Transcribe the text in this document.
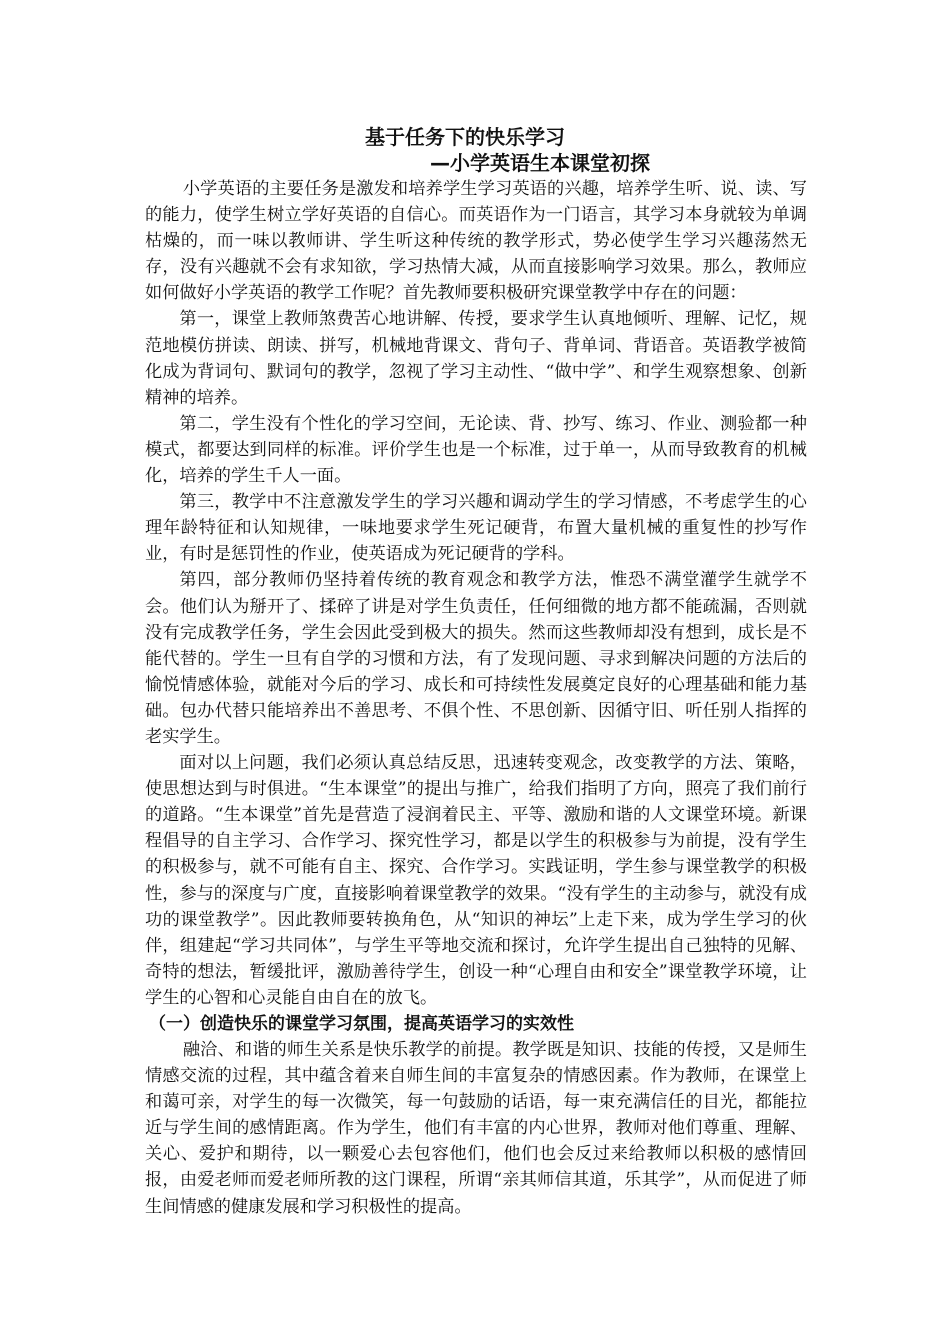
基于任务下的快乐学习
—小学英语生本课堂初探

小学英语的主要任务是激发和培养学生学习英语的兴趣，培养学生听、说、读、写的能力，使学生树立学好英语的自信心。而英语作为一门语言，其学习本身就较为单调枯燥的，而一味以教师讲、学生听这种传统的教学形式，势必使学生学习兴趣荡然无存，没有兴趣就不会有求知欲，学习热情大减，从而直接影响学习效果。那么，教师应如何做好小学英语的教学工作呢？首先教师要积极研究课堂教学中存在的问题：

第一，课堂上教师煞费苦心地讲解、传授，要求学生认真地倾听、理解、记忆，规范地模仿拼读、朗读、拼写，机械地背课文、背句子、背单词、背语音。英语教学被简化成为背词句、默词句的教学，忽视了学习主动性、“做中学”、和学生观察想象、创新精神的培养。

第二，学生没有个性化的学习空间，无论读、背、抄写、练习、作业、测验都一种模式，都要达到同样的标准。评价学生也是一个标准，过于单一，从而导致教育的机械化，培养的学生千人一面。

第三，教学中不注意激发学生的学习兴趣和调动学生的学习情感，不考虑学生的心理年龄特征和认知规律，一味地要求学生死记硬背，布置大量机械的重复性的抄写作业，有时是惩罚性的作业，使英语成为死记硬背的学科。

第四，部分教师仍坚持着传统的教育观念和教学方法，惟恐不满堂灌学生就学不会。他们认为掰开了、揉碎了讲是对学生负责任，任何细微的地方都不能疏漏，否则就没有完成教学任务，学生会因此受到极大的损失。然而这些教师却没有想到，成长是不能代替的。学生一旦有自学的习惯和方法，有了发现问题、寻求到解决问题的方法后的愉悦情感体验，就能对今后的学习、成长和可持续性发展奠定良好的心理基础和能力基础。包办代替只能培养出不善思考、不俱个性、不思创新、因循守旧、听任别人指挥的老实学生。

面对以上问题，我们必须认真总结反思，迅速转变观念，改变教学的方法、策略，使思想达到与时俱进。“生本课堂”的提出与推广，给我们指明了方向，照亮了我们前行的道路。“生本课堂”首先是营造了浸润着民主、平等、激励和谐的人文课堂环境。新课程倡导的自主学习、合作学习、探究性学习，都是以学生的积极参与为前提，没有学生的积极参与，就不可能有自主、探究、合作学习。实践证明，学生参与课堂教学的积极性，参与的深度与广度，直接影响着课堂教学的效果。“没有学生的主动参与，就没有成功的课堂教学”。因此教师要转换角色，从“知识的神坛”上走下来，成为学生学习的伙伴，组建起“学习共同体”，与学生平等地交流和探讨，允许学生提出自己独特的见解、奇特的想法，暂缓批评，激励善待学生，创设一种“心理自由和安全”课堂教学环境，让学生的心智和心灵能自由自在的放飞。

（一）创造快乐的课堂学习氛围，提高英语学习的实效性

融洽、和谐的师生关系是快乐教学的前提。教学既是知识、技能的传授，又是师生情感交流的过程，其中蕴含着来自师生间的丰富复杂的情感因素。作为教师，在课堂上和蔼可亲，对学生的每一次微笑，每一句鼓励的话语，每一束充满信任的目光，都能拉近与学生间的感情距离。作为学生，他们有丰富的内心世界，教师对他们尊重、理解、关心、爱护和期待，以一颗爱心去包容他们，他们也会反过来给教师以积极的感情回报，由爱老师而爱老师所教的这门课程，所谓“亲其师信其道，乐其学”，从而促进了师生间情感的健康发展和学习积极性的提高。
